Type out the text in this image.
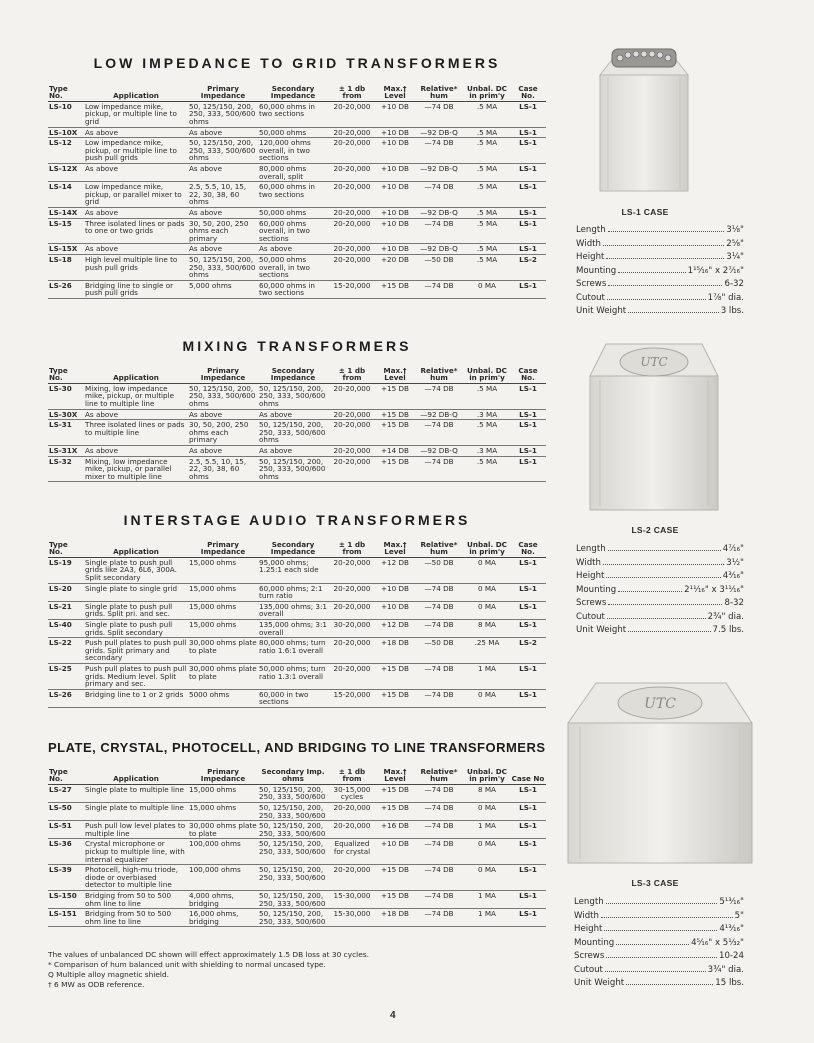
LOW IMPEDANCE TO GRID TRANSFORMERS
Type No.	Application	Primary Impedance	Secondary Impedance	± 1 db from	Max.† Level	Relative* hum	Unbal. DC in prim'y	Case No.
LS-10	Low impedance mike, pickup, or multiple line to grid	50, 125/150, 200, 250, 333, 500/600 ohms	60,000 ohms in two sections	20-20,000	+10 DB	—74 DB	.5 MA	LS-1
LS-10X	As above	As above	50,000 ohms	20-20,000	+10 DB	—92 DB-Q	.5 MA	LS-1
LS-12	Low impedance mike, pickup, or multiple line to push pull grids	50, 125/150, 200, 250, 333, 500/600 ohms	120,000 ohms overall, in two sections	20-20,000	+10 DB	—74 DB	.5 MA	LS-1
LS-12X	As above	As above	80,000 ohms overall, split	20-20,000	+10 DB	—92 DB-Q	.5 MA	LS-1
LS-14	Low impedance mike, pickup, or parallel mixer to grid	2.5, 5.5, 10, 15, 22, 30, 38, 60 ohms	60,000 ohms in two sections	20-20,000	+10 DB	—74 DB	.5 MA	LS-1
LS-14X	As above	As above	50,000 ohms	20-20,000	+10 DB	—92 DB-Q	.5 MA	LS-1
LS-15	Three isolated lines or pads to one or two grids	30, 50, 200, 250 ohms each primary	60,000 ohms overall, in two sections	20-20,000	+10 DB	—74 DB	.5 MA	LS-1
LS-15X	As above	As above	As above	20-20,000	+10 DB	—92 DB-Q	.5 MA	LS-1
LS-18	High level multiple line to push pull grids	50, 125/150, 200, 250, 333, 500/600 ohms	50,000 ohms overall, in two sections	20-20,000	+20 DB	—50 DB	.5 MA	LS-2
LS-26	Bridging line to single or push pull grids	5,000 ohms	60,000 ohms in two sections	15-20,000	+15 DB	—74 DB	0 MA	LS-1
MIXING TRANSFORMERS
Type No.	Application	Primary Impedance	Secondary Impedance	± 1 db from	Max.† Level	Relative* hum	Unbal. DC in prim'y	Case No.
LS-30	Mixing, low impedance mike, pickup, or multiple line to multiple line	50, 125/150, 200, 250, 333, 500/600 ohms	50, 125/150, 200, 250, 333, 500/600 ohms	20-20,000	+15 DB	—74 DB	.5 MA	LS-1
LS-30X	As above	As above	As above	20-20,000	+15 DB	—92 DB-Q	.3 MA	LS-1
LS-31	Three isolated lines or pads to multiple line	30, 50, 200, 250 ohms each primary	50, 125/150, 200, 250, 333, 500/600 ohms	20-20,000	+15 DB	—74 DB	.5 MA	LS-1
LS-31X	As above	As above	As above	20-20,000	+14 DB	—92 DB-Q	.3 MA	LS-1
LS-32	Mixing, low impedance mike, pickup, or parallel mixer to multiple line	2.5, 5.5, 10, 15, 22, 30, 38, 60 ohms	50, 125/150, 200, 250, 333, 500/600 ohms	20-20,000	+15 DB	—74 DB	.5 MA	LS-1
INTERSTAGE AUDIO TRANSFORMERS
Type No.	Application	Primary Impedance	Secondary Impedance	± 1 db from	Max.† Level	Relative* hum	Unbal. DC in prim'y	Case No.
LS-19	Single plate to push pull grids like 2A3, 6L6, 300A. Split secondary	15,000 ohms	95,000 ohms; 1.25:1 each side	20-20,000	+12 DB	—50 DB	0 MA	LS-1
LS-20	Single plate to single grid	15,000 ohms	60,000 ohms; 2:1 turn ratio	20-20,000	+10 DB	—74 DB	0 MA	LS-1
LS-21	Single plate to push pull grids. Split pri. and sec.	15,000 ohms	135,000 ohms; 3:1 overall	20-20,000	+10 DB	—74 DB	0 MA	LS-1
LS-40	Single plate to push pull grids. Split secondary	15,000 ohms	135,000 ohms; 3:1 overall	30-20,000	+12 DB	—74 DB	8 MA	LS-1
LS-22	Push pull plates to push pull grids. Split primary and secondary	30,000 ohms plate to plate	80,000 ohms; turn ratio 1.6:1 overall	20-20,000	+18 DB	—50 DB	.25 MA	LS-2
LS-25	Push pull plates to push pull grids. Medium level. Split primary and sec.	30,000 ohms plate to plate	50,000 ohms; turn ratio 1.3:1 overall	20-20,000	+15 DB	—74 DB	1 MA	LS-1
LS-26	Bridging line to 1 or 2 grids	5000 ohms	60,000 in two sections	15-20,000	+15 DB	—74 DB	0 MA	LS-1
PLATE, CRYSTAL, PHOTOCELL, AND BRIDGING TO LINE TRANSFORMERS
Type No.	Application	Primary Impedance	Secondary Imp. ohms	± 1 db from	Max.† Level	Relative* hum	Unbal. DC in prim'y	Case No
LS-27	Single plate to multiple line	15,000 ohms	50, 125/150, 200, 250, 333, 500/600	30-15,000 cycles	+15 DB	—74 DB	8 MA	LS-1
LS-50	Single plate to multiple line	15,000 ohms	50, 125/150, 200, 250, 333, 500/600	20-20,000	+15 DB	—74 DB	0 MA	LS-1
LS-51	Push pull low level plates to multiple line	30,000 ohms plate to plate	50, 125/150, 200, 250, 333, 500/600	20-20,000	+16 DB	—74 DB	1 MA	LS-1
LS-36	Crystal microphone or pickup to multiple line, with internal equalizer	100,000 ohms	50, 125/150, 200, 250, 333, 500/600	Equalized for crystal	+10 DB	—74 DB	0 MA	LS-1
LS-39	Photocell, high-mu triode, diode or overbiased detector to multiple line	100,000 ohms	50, 125/150, 200, 250, 333, 500/600	20-20,000	+15 DB	—74 DB	0 MA	LS-1
LS-150	Bridging from 50 to 500 ohm line to line	4,000 ohms, bridging	50, 125/150, 200, 250, 333, 500/600	15-30,000	+15 DB	—74 DB	1 MA	LS-1
LS-151	Bridging from 50 to 500 ohm line to line	16,000 ohms, bridging	50, 125/150, 200, 250, 333, 500/600	15-30,000	+18 DB	—74 DB	1 MA	LS-1
The values of unbalanced DC shown will effect approximately 1.5 DB loss at 30 cycles.
* Comparison of hum balanced unit with shielding to normal uncased type.
Q Multiple alloy magnetic shield.
† 6 MW as ODB reference.
4
LS-1 CASE
Length	3⅛"
Width	2⅝"
Height	3¼"
Mounting	1¹⁵⁄₁₆" x 2⁷⁄₁₆"
Screws	6-32
Cutout	1⅞" dia.
Unit Weight	3 lbs.
UTC
LS-2 CASE
Length	4⁷⁄₁₆"
Width	3½"
Height	4³⁄₁₆"
Mounting	2¹¹⁄₁₆" x 3¹¹⁄₁₆"
Screws	8-32
Cutout	2¾" dia.
Unit Weight	7.5 lbs.
UTC
LS-3 CASE
Length	5¹³⁄₁₆"
Width	5"
Height	4¹³⁄₁₆"
Mounting	4⁵⁄₁₆" x 5¹⁄₃₂"
Screws	10-24
Cutout	3¾" dia.
Unit Weight	15 lbs.
